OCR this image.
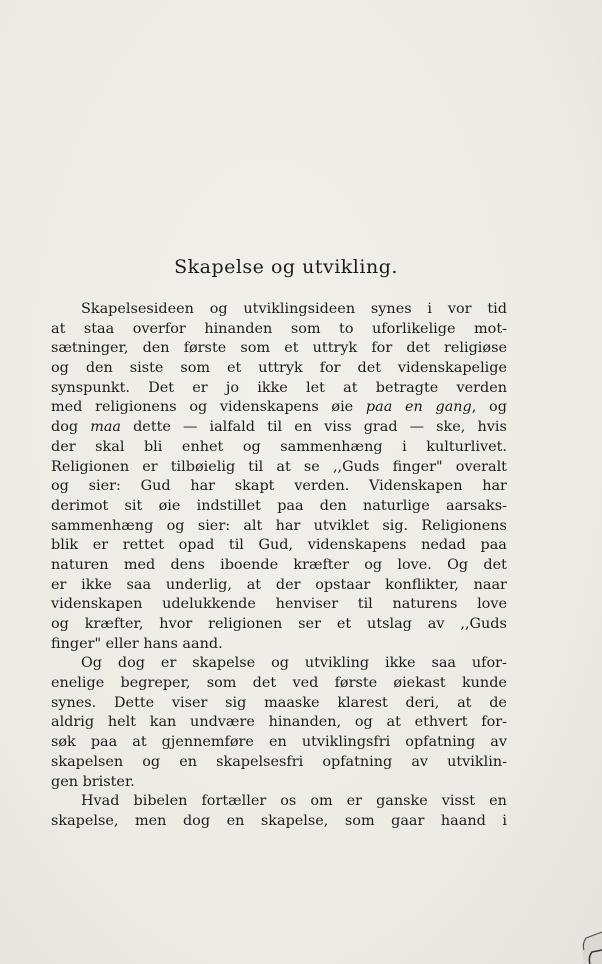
Skapelse og utvikling.
Skapelsesideen og utviklingsideen synes i vor tid
at staa overfor hinanden som to uforlikelige mot-
sætninger, den første som et uttryk for det religiøse
og den siste som et uttryk for det videnskapelige
synspunkt. Det er jo ikke let at betragte verden
med religionens og videnskapens øie paa en gang, og
dog maa dette — ialfald til en viss grad — ske, hvis
der skal bli enhet og sammenhæng i kulturlivet.
Religionen er tilbøielig til at se ,,Guds finger" overalt
og sier: Gud har skapt verden. Videnskapen har
derimot sit øie indstillet paa den naturlige aarsaks-
sammenhæng og sier: alt har utviklet sig. Religionens
blik er rettet opad til Gud, videnskapens nedad paa
naturen med dens iboende kræfter og love. Og det
er ikke saa underlig, at der opstaar konflikter, naar
videnskapen udelukkende henviser til naturens love
og kræfter, hvor religionen ser et utslag av ,,Guds
finger" eller hans aand.
Og dog er skapelse og utvikling ikke saa ufor-
enelige begreper, som det ved første øiekast kunde
synes. Dette viser sig maaske klarest deri, at de
aldrig helt kan undvære hinanden, og at ethvert for-
søk paa at gjennemføre en utviklingsfri opfatning av
skapelsen og en skapelsesfri opfatning av utviklin-
gen brister.
Hvad bibelen fortæller os om er ganske visst en
skapelse, men dog en skapelse, som gaar haand i
